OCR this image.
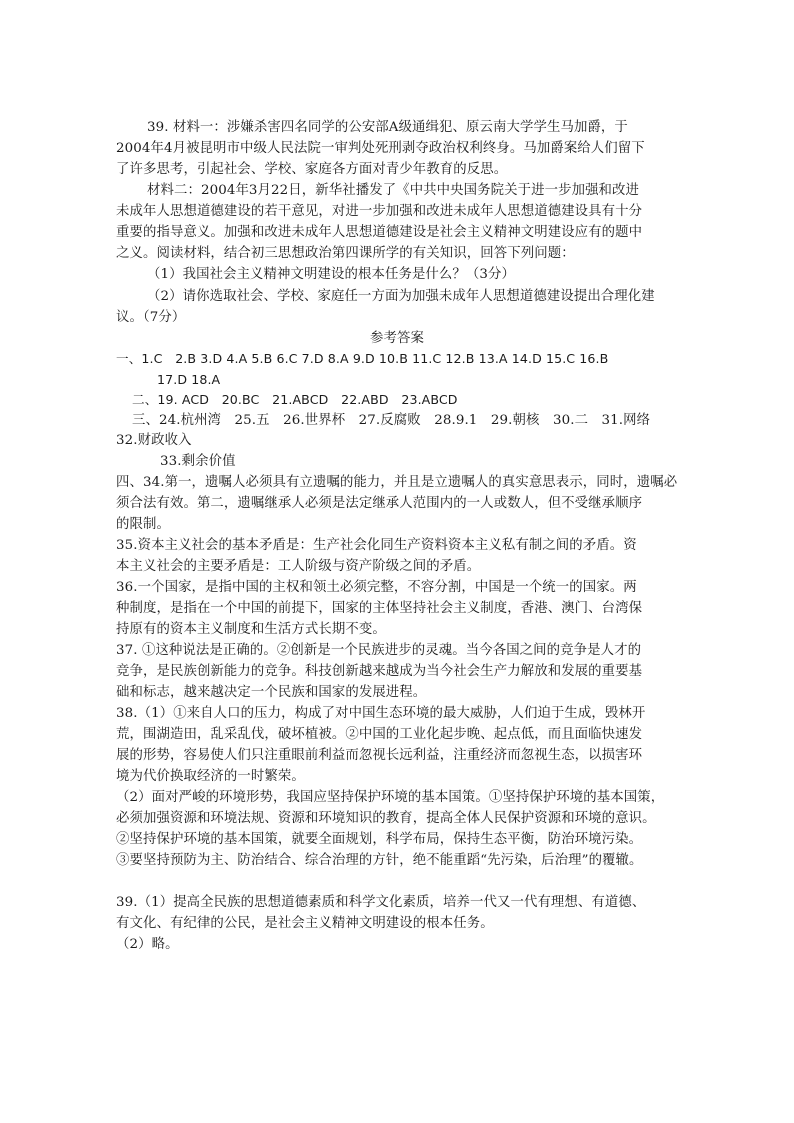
39. 材料一：涉嫌杀害四名同学的公安部A级通缉犯、原云南大学学生马加爵，于
2004年4月被昆明市中级人民法院一审判处死刑剥夺政治权利终身。马加爵案给人们留下
了许多思考，引起社会、学校、家庭各方面对青少年教育的反思。
材料二：2004年3月22日，新华社播发了《中共中央国务院关于进一步加强和改进
未成年人思想道德建设的若干意见，对进一步加强和改进未成年人思想道德建设具有十分
重要的指导意义。加强和改进未成年人思想道德建设是社会主义精神文明建设应有的题中
之义。阅读材料，结合初三思想政治第四课所学的有关知识，回答下列问题：
（1）我国社会主义精神文明建设的根本任务是什么？（3分）
（2）请你选取社会、学校、家庭任一方面为加强未成年人思想道德建设提出合理化建
议。（7分）
参考答案
一、1.C　2.B 3.D 4.A 5.B 6.C 7.D 8.A 9.D 10.B 11.C 12.B 13.A 14.D 15.C 16.B
17.D 18.A
二、19. ACD　20.BC　21.ABCD　22.ABD　23.ABCD
三、24.杭州湾　25.五　26.世界杯　27.反腐败　28.9.1　29.朝核　30.二　31.网络
32.财政收入
33.剩余价值
四、34.第一，遗嘱人必须具有立遗嘱的能力，并且是立遗嘱人的真实意思表示，同时，遗嘱必
须合法有效。第二，遗嘱继承人必须是法定继承人范围内的一人或数人，但不受继承顺序
的限制。
35.资本主义社会的基本矛盾是：生产社会化同生产资料资本主义私有制之间的矛盾。资
本主义社会的主要矛盾是：工人阶级与资产阶级之间的矛盾。
36.一个国家，是指中国的主权和领土必须完整，不容分割，中国是一个统一的国家。两
种制度，是指在一个中国的前提下，国家的主体坚持社会主义制度，香港、澳门、台湾保
持原有的资本主义制度和生活方式长期不变。
37. ①这种说法是正确的。②创新是一个民族进步的灵魂。当今各国之间的竞争是人才的
竞争，是民族创新能力的竞争。科技创新越来越成为当今社会生产力解放和发展的重要基
础和标志，越来越决定一个民族和国家的发展进程。
38.（1）①来自人口的压力，构成了对中国生态环境的最大威胁，人们迫于生成，毁林开
荒，围湖造田，乱采乱伐，破坏植被。②中国的工业化起步晚、起点低，而且面临快速发
展的形势，容易使人们只注重眼前利益而忽视长远利益，注重经济而忽视生态，以损害环
境为代价换取经济的一时繁荣。
（2）面对严峻的环境形势，我国应坚持保护环境的基本国策。①坚持保护环境的基本国策，
必须加强资源和环境法规、资源和环境知识的教育，提高全体人民保护资源和环境的意识。
②坚持保护环境的基本国策，就要全面规划，科学布局，保持生态平衡，防治环境污染。
③要坚持预防为主、防治结合、综合治理的方针，绝不能重蹈“先污染，后治理”的覆辙。
39.（1）提高全民族的思想道德素质和科学文化素质，培养一代又一代有理想、有道德、
有文化、有纪律的公民，是社会主义精神文明建设的根本任务。
（2）略。
